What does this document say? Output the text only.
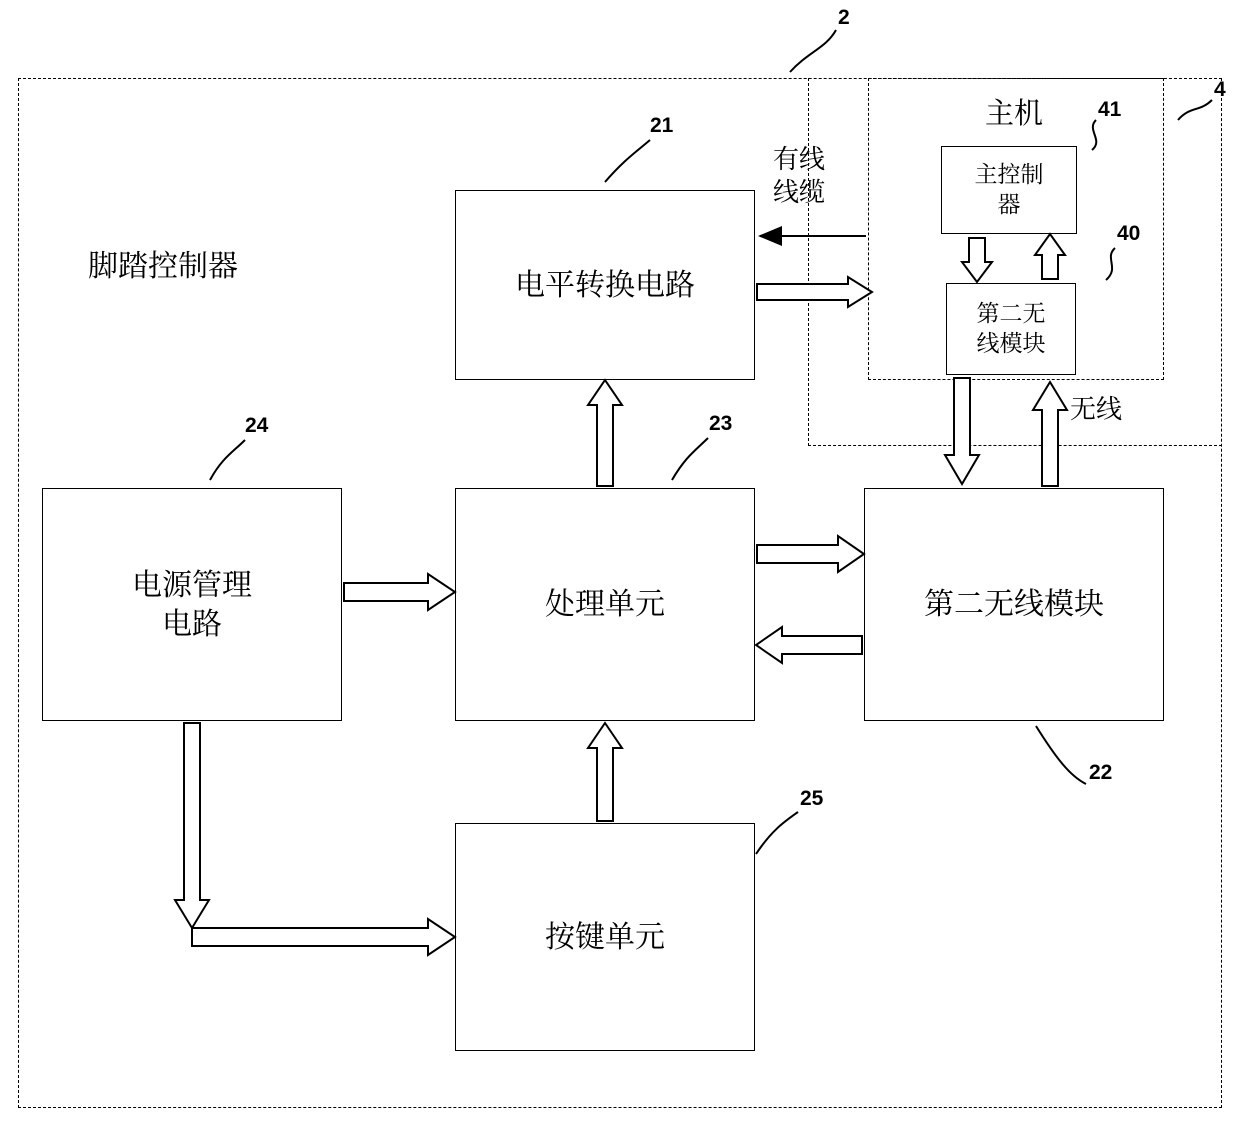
脚踏控制器
主机
主控制
器
第二无
线模块
电平转换电路
电源管理
电路
处理单元	第二无线模块
按键单元
有线
线缆
无线
2
21
41
4
40
24	23
22
25
